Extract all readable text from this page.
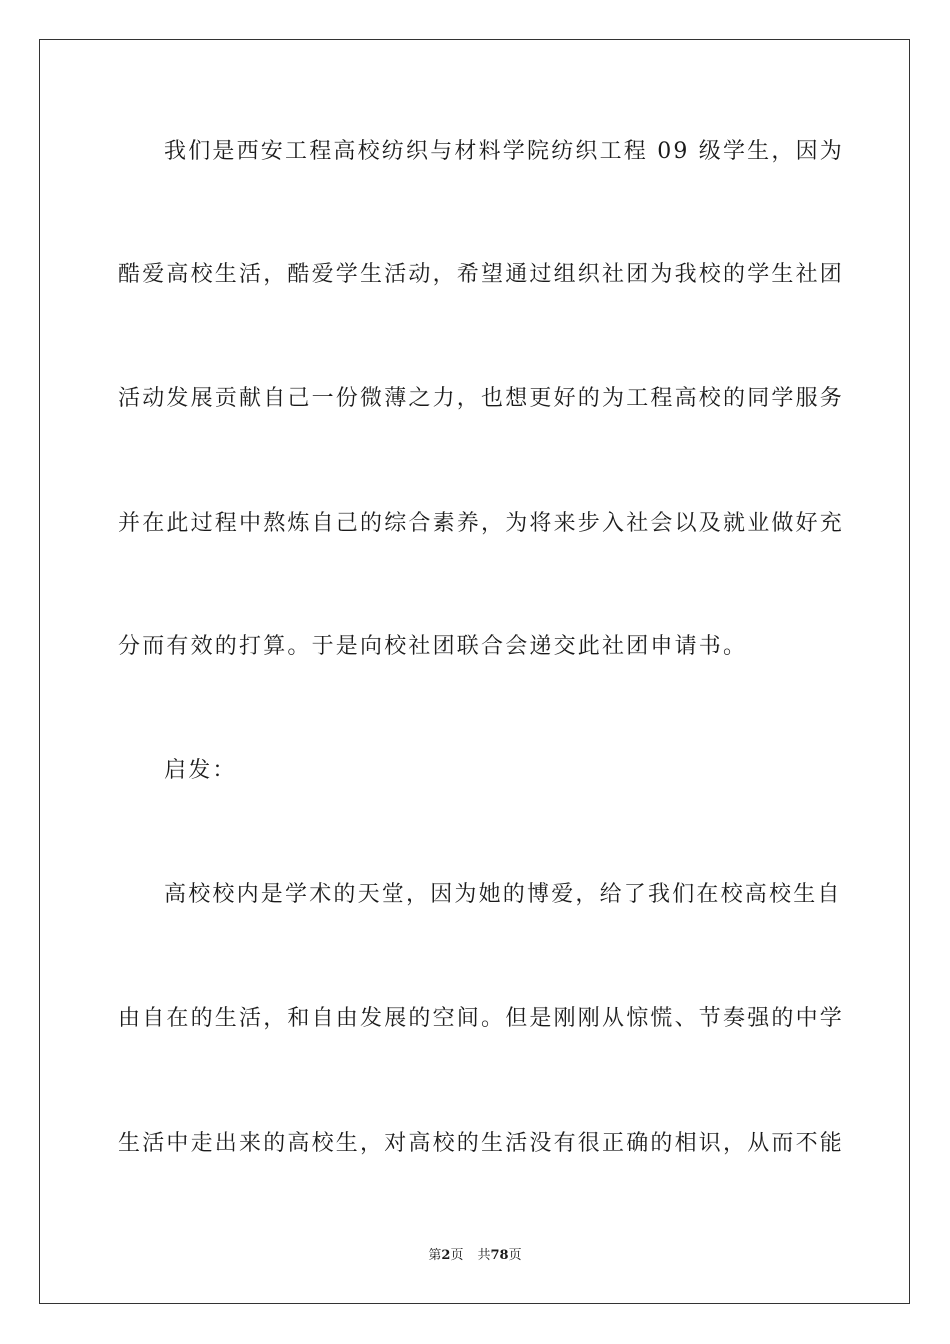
我们是西安工程高校纺织与材料学院纺织工程 09 级学生，因为
酷爱高校生活，酷爱学生活动，希望通过组织社团为我校的学生社团
活动发展贡献自己一份微薄之力，也想更好的为工程高校的同学服务
并在此过程中熬炼自己的综合素养，为将来步入社会以及就业做好充
分而有效的打算。于是向校社团联合会递交此社团申请书。
启发：
高校校内是学术的天堂，因为她的博爱，给了我们在校高校生自
由自在的生活，和自由发展的空间。但是刚刚从惊慌、节奏强的中学
生活中走出来的高校生，对高校的生活没有很正确的相识，从而不能
第2页 共78页
